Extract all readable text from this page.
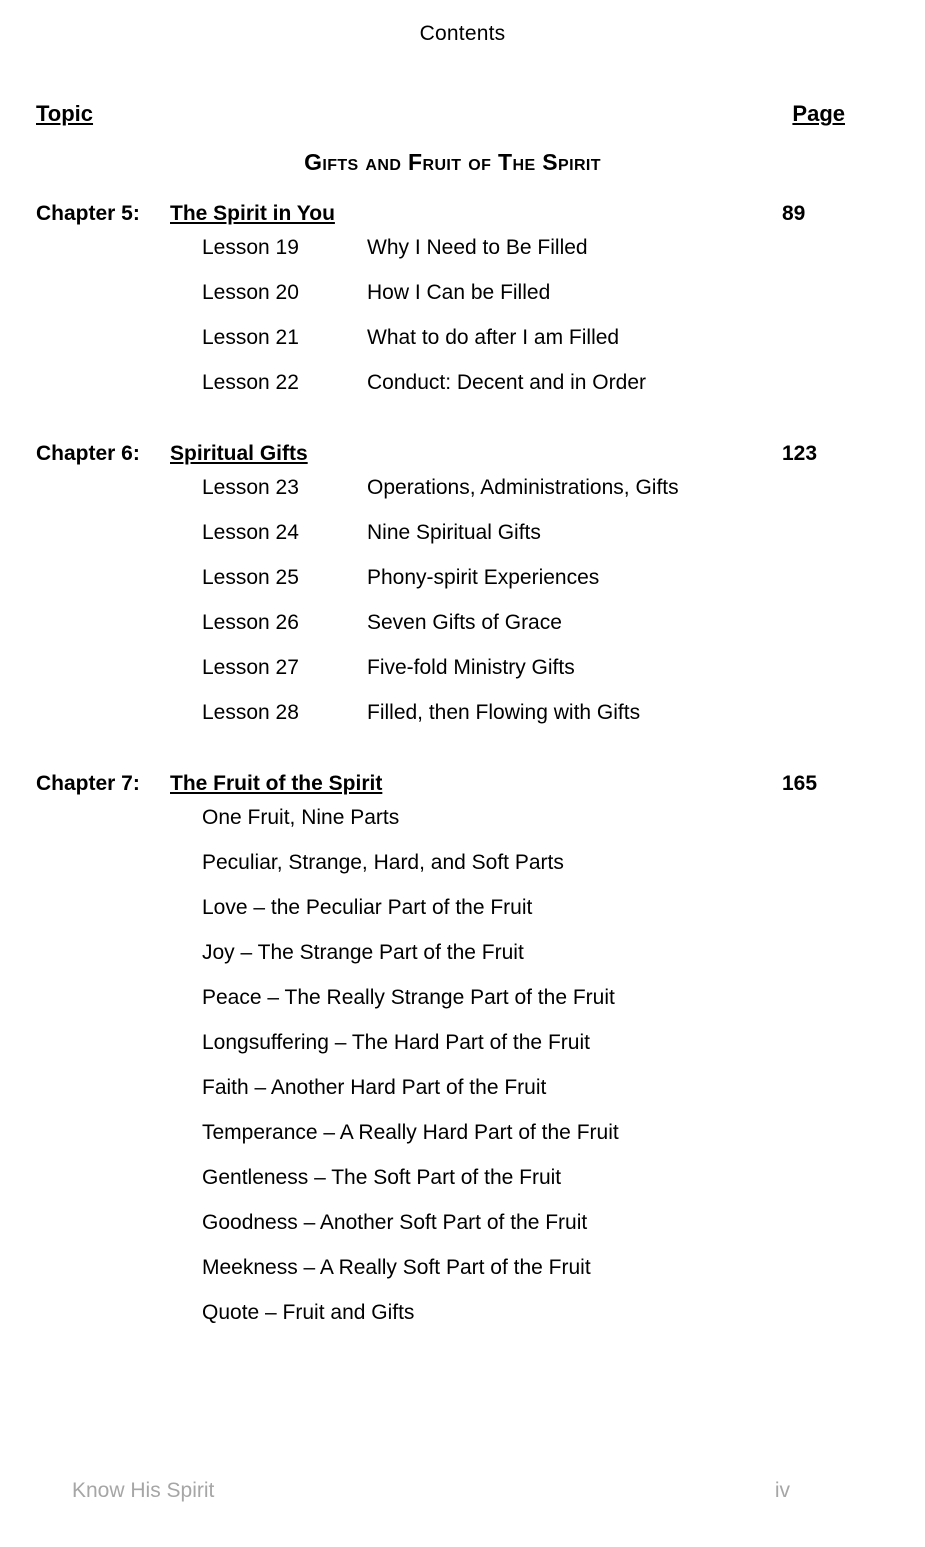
Contents
Topic	Page
Gifts and Fruit of The Spirit
Chapter 5:	The Spirit in You	89
Lesson 19	Why I Need to Be Filled
Lesson 20	How I Can be Filled
Lesson 21	What to do after I am Filled
Lesson 22	Conduct: Decent and in Order
Chapter 6:	Spiritual Gifts	123
Lesson 23	Operations, Administrations, Gifts
Lesson 24	Nine Spiritual Gifts
Lesson 25	Phony-spirit Experiences
Lesson 26	Seven Gifts of Grace
Lesson 27	Five-fold Ministry Gifts
Lesson 28	Filled, then Flowing with Gifts
Chapter 7:	The Fruit of the Spirit	165
One Fruit, Nine Parts
Peculiar, Strange, Hard, and Soft Parts
Love – the Peculiar Part of the Fruit
Joy – The Strange Part of the Fruit
Peace – The Really Strange Part of the Fruit
Longsuffering – The Hard Part of the Fruit
Faith – Another Hard Part of the Fruit
Temperance – A Really Hard Part of the Fruit
Gentleness – The Soft Part of the Fruit
Goodness – Another Soft Part of the Fruit
Meekness – A Really Soft Part of the Fruit
Quote – Fruit and Gifts
Know His Spirit	iv
